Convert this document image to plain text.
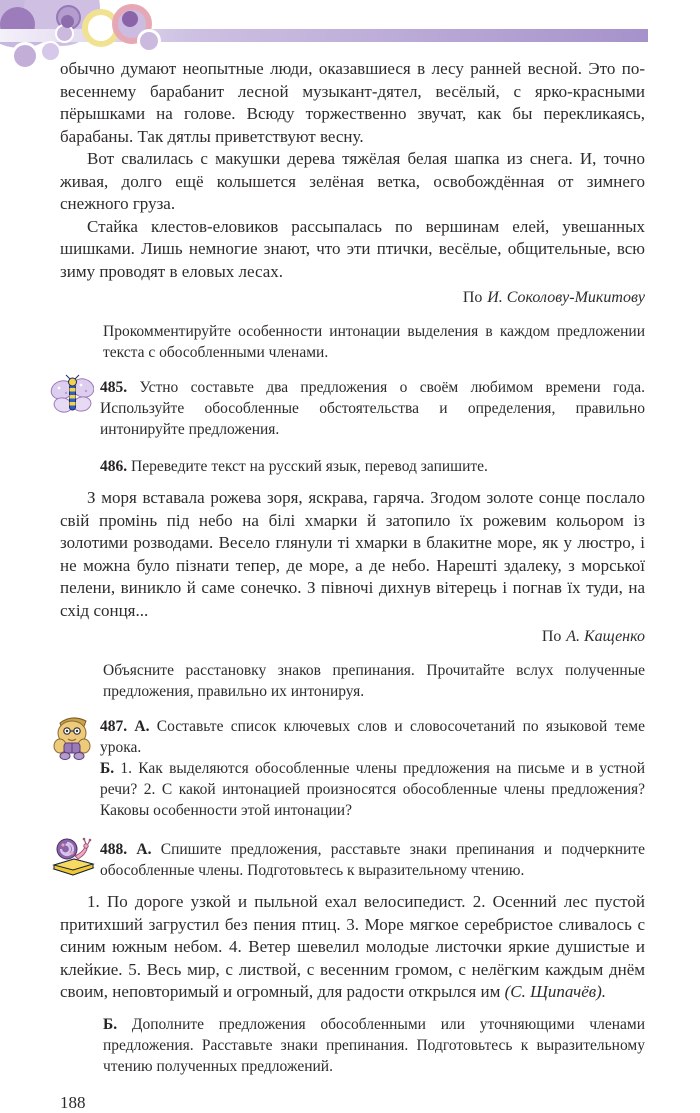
обычно думают неопытные люди, оказавшиеся в лесу ранней весной. Это по-весеннему барабанит лесной музыкант-дятел, весёлый, с ярко-красными пёрышками на голове. Всюду торжественно звучат, как бы перекликаясь, барабаны. Так дятлы приветствуют весну.

Вот свалилась с макушки дерева тяжёлая белая шапка из снега. И, точно живая, долго ещё колышется зелёная ветка, освобождённая от зимнего снежного груза.

Стайка клестов-еловиков рассыпалась по вершинам елей, увешанных шишками. Лишь немногие знают, что эти птички, весёлые, общительные, всю зиму проводят в еловых лесах.

По И. Соколову-Микитову
Прокомментируйте особенности интонации выделения в каждом предложении текста с обособленными членами.

485. Устно составьте два предложения о своём любимом времени года. Используйте обособленные обстоятельства и определения, правильно интонируйте предложения.

486. Переведите текст на русский язык, перевод запишите.

З моря вставала рожева зоря, яскрава, гаряча. Згодом золоте сонце послало свій промінь під небо на білі хмарки й затопило їх рожевим кольором із золотими розводами. Весело глянули ті хмарки в блакитне море, як у люстро, і не можна було пізнати тепер, де море, а де небо. Нарешті здалеку, з морської пелени, виникло й саме сонечко. З півночі дихнув вітерець і погнав їх туди, на схід сонця...

По А. Кащенко
Объясните расстановку знаков препинания. Прочитайте вслух полученные предложения, правильно их интонируя.

487. А. Составьте список ключевых слов и словосочетаний по языковой теме урока.

Б. 1. Как выделяются обособленные члены предложения на письме и в устной речи? 2. С какой интонацией произносятся обособленные члены предложения? Каковы особенности этой интонации?

488. А. Спишите предложения, расставьте знаки препинания и подчеркните обособленные члены. Подготовьтесь к выразительному чтению.

1. По дороге узкой и пыльной ехал велосипедист. 2. Осенний лес пустой притихший загрустил без пения птиц. 3. Море мягкое серебристое сливалось с синим южным небом. 4. Ветер шевелил молодые листочки яркие душистые и клейкие. 5. Весь мир, с листвой, с весенним громом, с нелёгким каждым днём своим, неповторимый и огромный, для радости открылся им (С. Щипачёв).

Б. Дополните предложения обособленными или уточняющими членами предложения. Расставьте знаки препинания. Подготовьтесь к выразительному чтению полученных предложений.
188
